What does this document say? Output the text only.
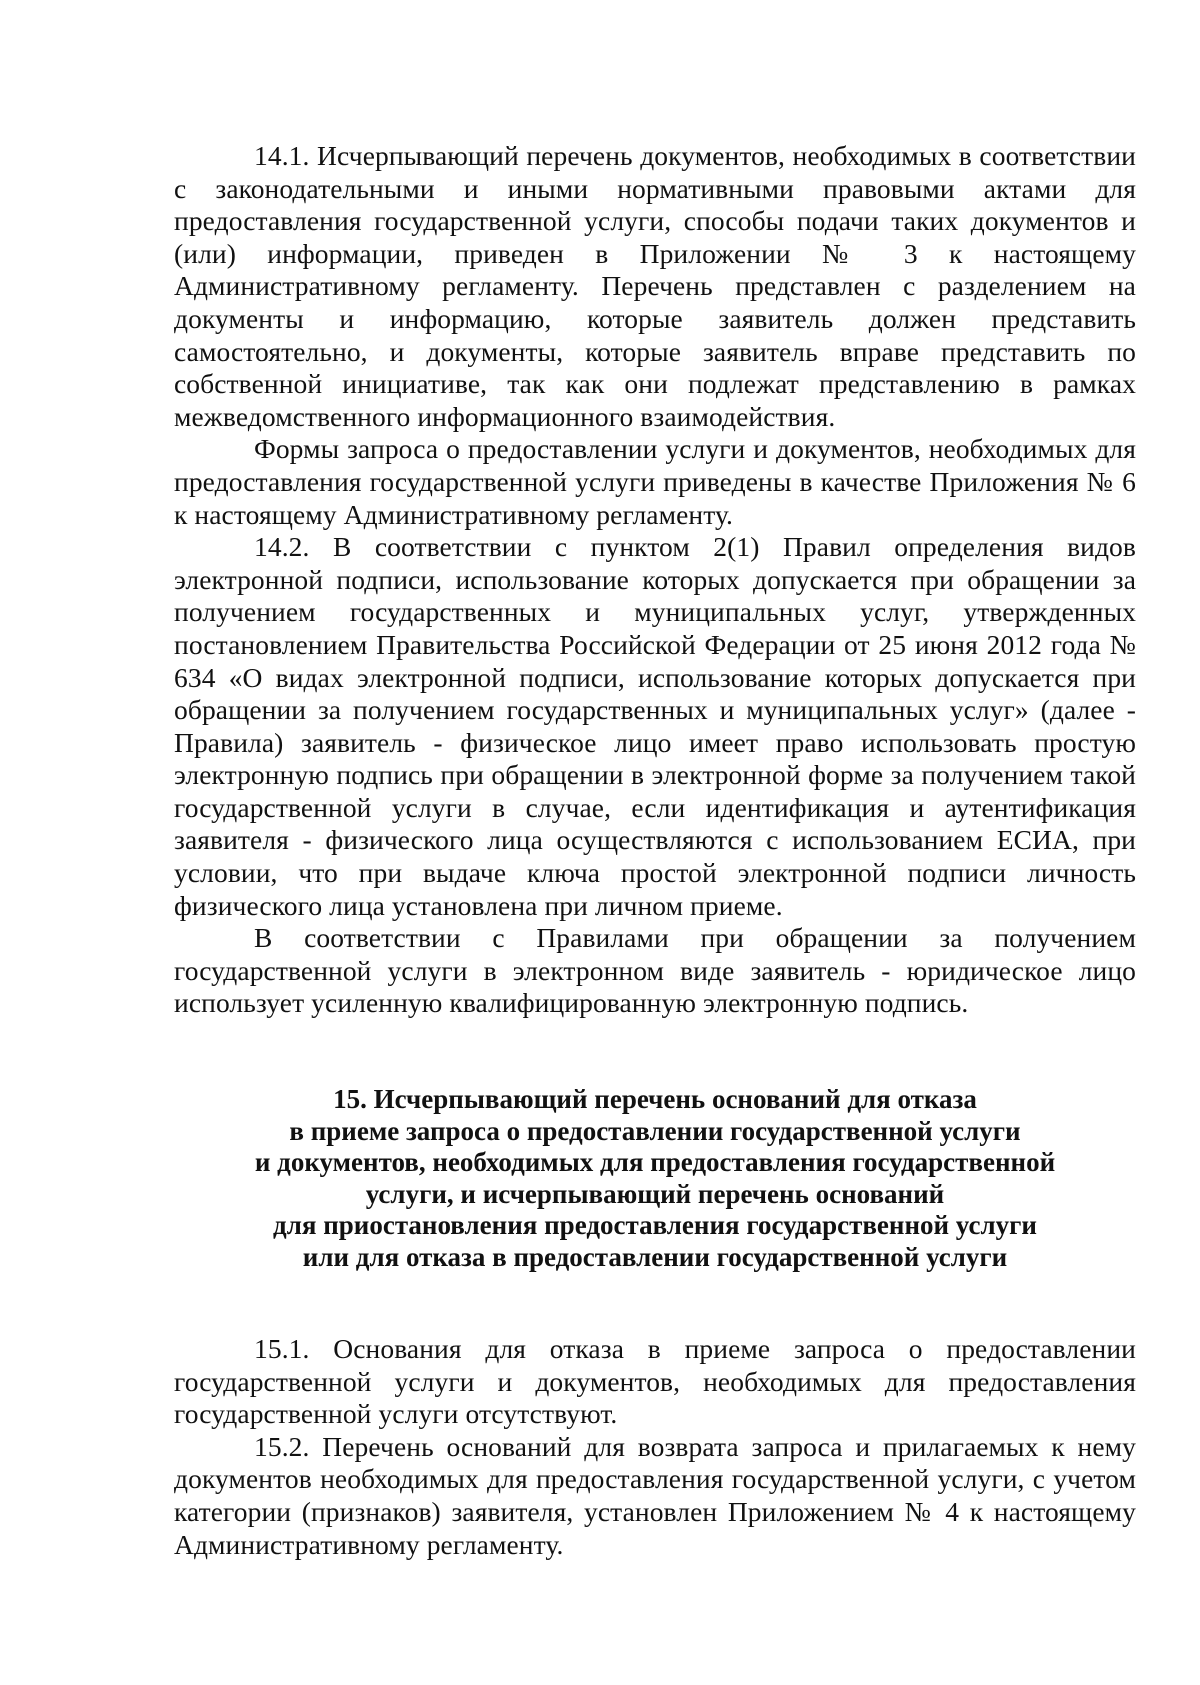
14.1. Исчерпывающий перечень документов, необходимых в соответствии с законодательными и иными нормативными правовыми актами для предоставления государственной услуги, способы подачи таких документов и (или) информации, приведен в Приложении № 3 к настоящему Административному регламенту. Перечень представлен с разделением на документы и информацию, которые заявитель должен представить самостоятельно, и документы, которые заявитель вправе представить по собственной инициативе, так как они подлежат представлению в рамках межведомственного информационного взаимодействия.

Формы запроса о предоставлении услуги и документов, необходимых для предоставления государственной услуги приведены в качестве Приложения № 6 к настоящему Административному регламенту.

14.2. В соответствии с пунктом 2(1) Правил определения видов электронной подписи, использование которых допускается при обращении за получением государственных и муниципальных услуг, утвержденных постановлением Правительства Российской Федерации от 25 июня 2012 года № 634 «О видах электронной подписи, использование которых допускается при обращении за получением государственных и муниципальных услуг» (далее - Правила) заявитель - физическое лицо имеет право использовать простую электронную подпись при обращении в электронной форме за получением такой государственной услуги в случае, если идентификация и аутентификация заявителя - физического лица осуществляются с использованием ЕСИА, при условии, что при выдаче ключа простой электронной подписи личность физического лица установлена при личном приеме.

В соответствии с Правилами при обращении за получением государственной услуги в электронном виде заявитель - юридическое лицо использует усиленную квалифицированную электронную подпись.

15. Исчерпывающий перечень оснований для отказа
в приеме запроса о предоставлении государственной услуги
и документов, необходимых для предоставления государственной
услуги, и исчерпывающий перечень оснований
для приостановления предоставления государственной услуги
или для отказа в предоставлении государственной услуги

15.1. Основания для отказа в приеме запроса о предоставлении государственной услуги и документов, необходимых для предоставления государственной услуги отсутствуют.

15.2. Перечень оснований для возврата запроса и прилагаемых к нему документов необходимых для предоставления государственной услуги, с учетом категории (признаков) заявителя, установлен Приложением № 4 к настоящему Административному регламенту.
